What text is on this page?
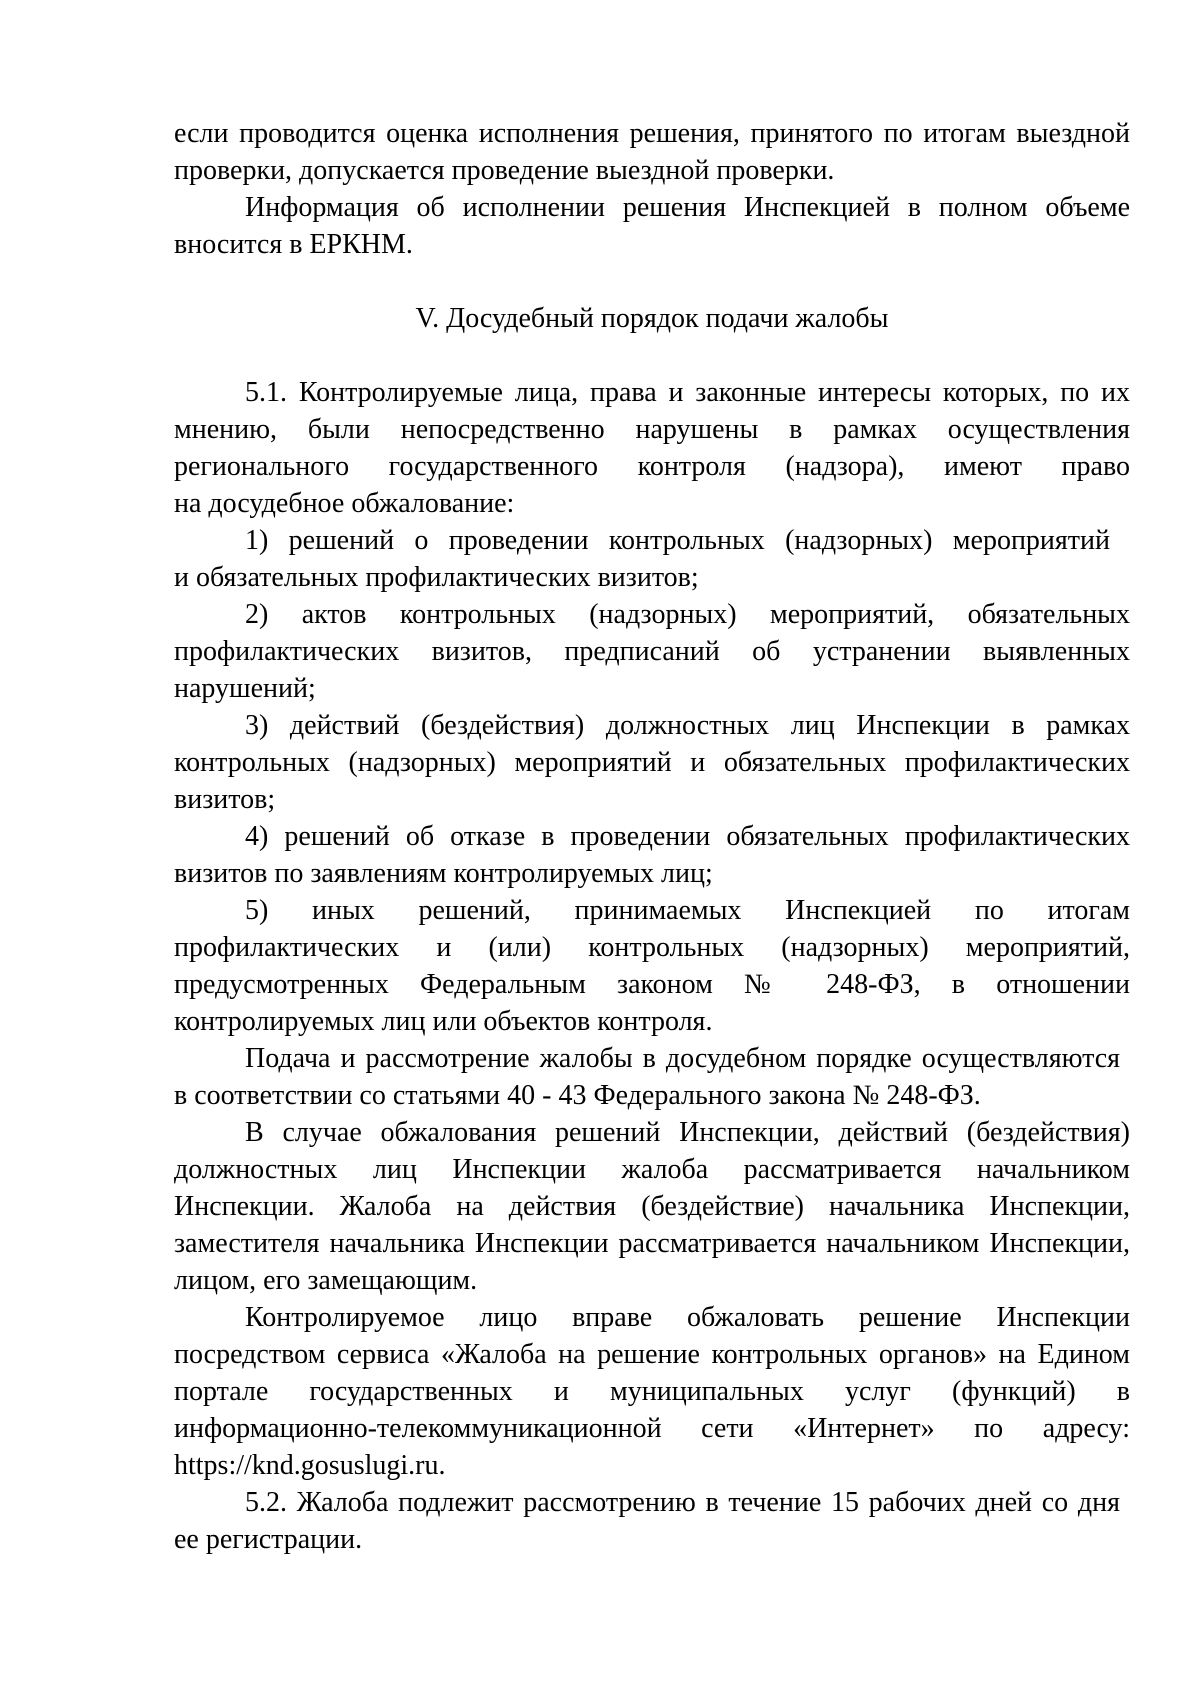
если проводится оценка исполнения решения, принятого по итогам выездной
проверки, допускается проведение выездной проверки.
Информация об исполнении решения Инспекцией в полном объеме
вносится в ЕРКНМ.
V. Досудебный порядок подачи жалобы
5.1. Контролируемые лица, права и законные интересы которых, по их
мнению, были непосредственно нарушены в рамках осуществления
регионального государственного контроля (надзора), имеют право
на досудебное обжалование:
1) решений о проведении контрольных (надзорных) мероприятий
и обязательных профилактических визитов;
2) актов контрольных (надзорных) мероприятий, обязательных
профилактических визитов, предписаний об устранении выявленных
нарушений;
3) действий (бездействия) должностных лиц Инспекции в рамках
контрольных (надзорных) мероприятий и обязательных профилактических
визитов;
4) решений об отказе в проведении обязательных профилактических
визитов по заявлениям контролируемых лиц;
5) иных решений, принимаемых Инспекцией по итогам
профилактических и (или) контрольных (надзорных) мероприятий,
предусмотренных Федеральным законом № 248-ФЗ, в отношении
контролируемых лиц или объектов контроля.
Подача и рассмотрение жалобы в досудебном порядке осуществляются
в соответствии со статьями 40 - 43 Федерального закона № 248-ФЗ.
В случае обжалования решений Инспекции, действий (бездействия)
должностных лиц Инспекции жалоба рассматривается начальником
Инспекции. Жалоба на действия (бездействие) начальника Инспекции,
заместителя начальника Инспекции рассматривается начальником Инспекции,
лицом, его замещающим.
Контролируемое лицо вправе обжаловать решение Инспекции
посредством сервиса «Жалоба на решение контрольных органов» на Едином
портале государственных и муниципальных услуг (функций) в
информационно-телекоммуникационной сети «Интернет» по адресу:
https://knd.gosuslugi.ru.
5.2. Жалоба подлежит рассмотрению в течение 15 рабочих дней со дня
ее регистрации.
